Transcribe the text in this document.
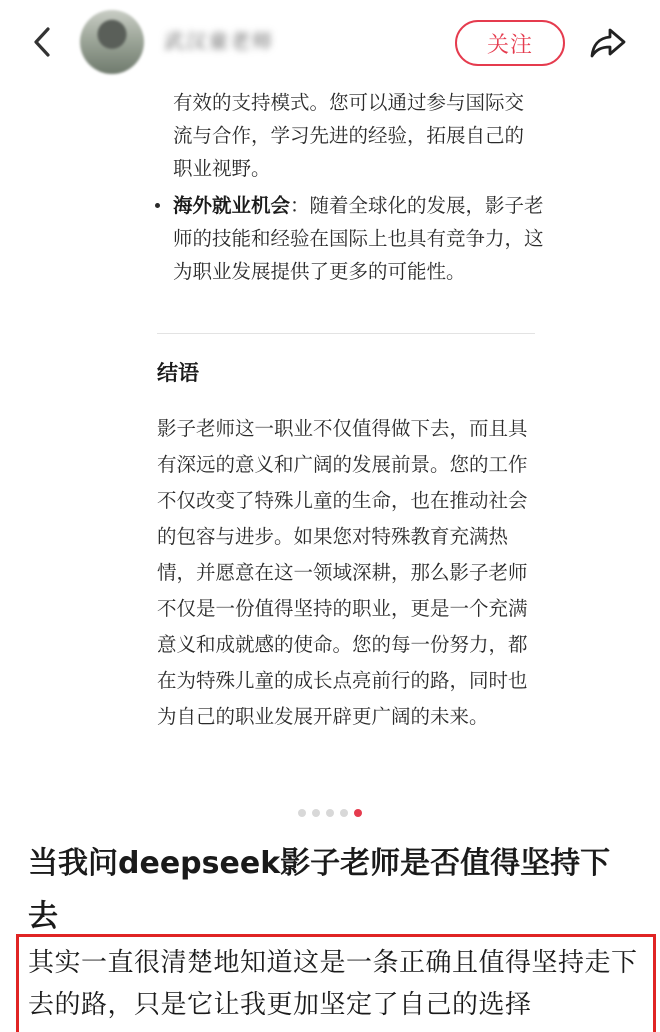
武汉童老师	关注

有效的支持模式。您可以通过参与国际交流与合作，学习先进的经验，拓展自己的职业视野。

海外就业机会：随着全球化的发展，影子老师的技能和经验在国际上也具有竞争力，这为职业发展提供了更多的可能性。
结语

影子老师这一职业不仅值得做下去，而且具有深远的意义和广阔的发展前景。您的工作不仅改变了特殊儿童的生命，也在推动社会的包容与进步。如果您对特殊教育充满热情，并愿意在这一领域深耕，那么影子老师不仅是一份值得坚持的职业，更是一个充满意义和成就感的使命。您的每一份努力，都在为特殊儿童的成长点亮前行的路，同时也为自己的职业发展开辟更广阔的未来。

当我问deepseek影子老师是否值得坚持下去

其实一直很清楚地知道这是一条正确且值得坚持走下去的路，只是它让我更加坚定了自己的选择
